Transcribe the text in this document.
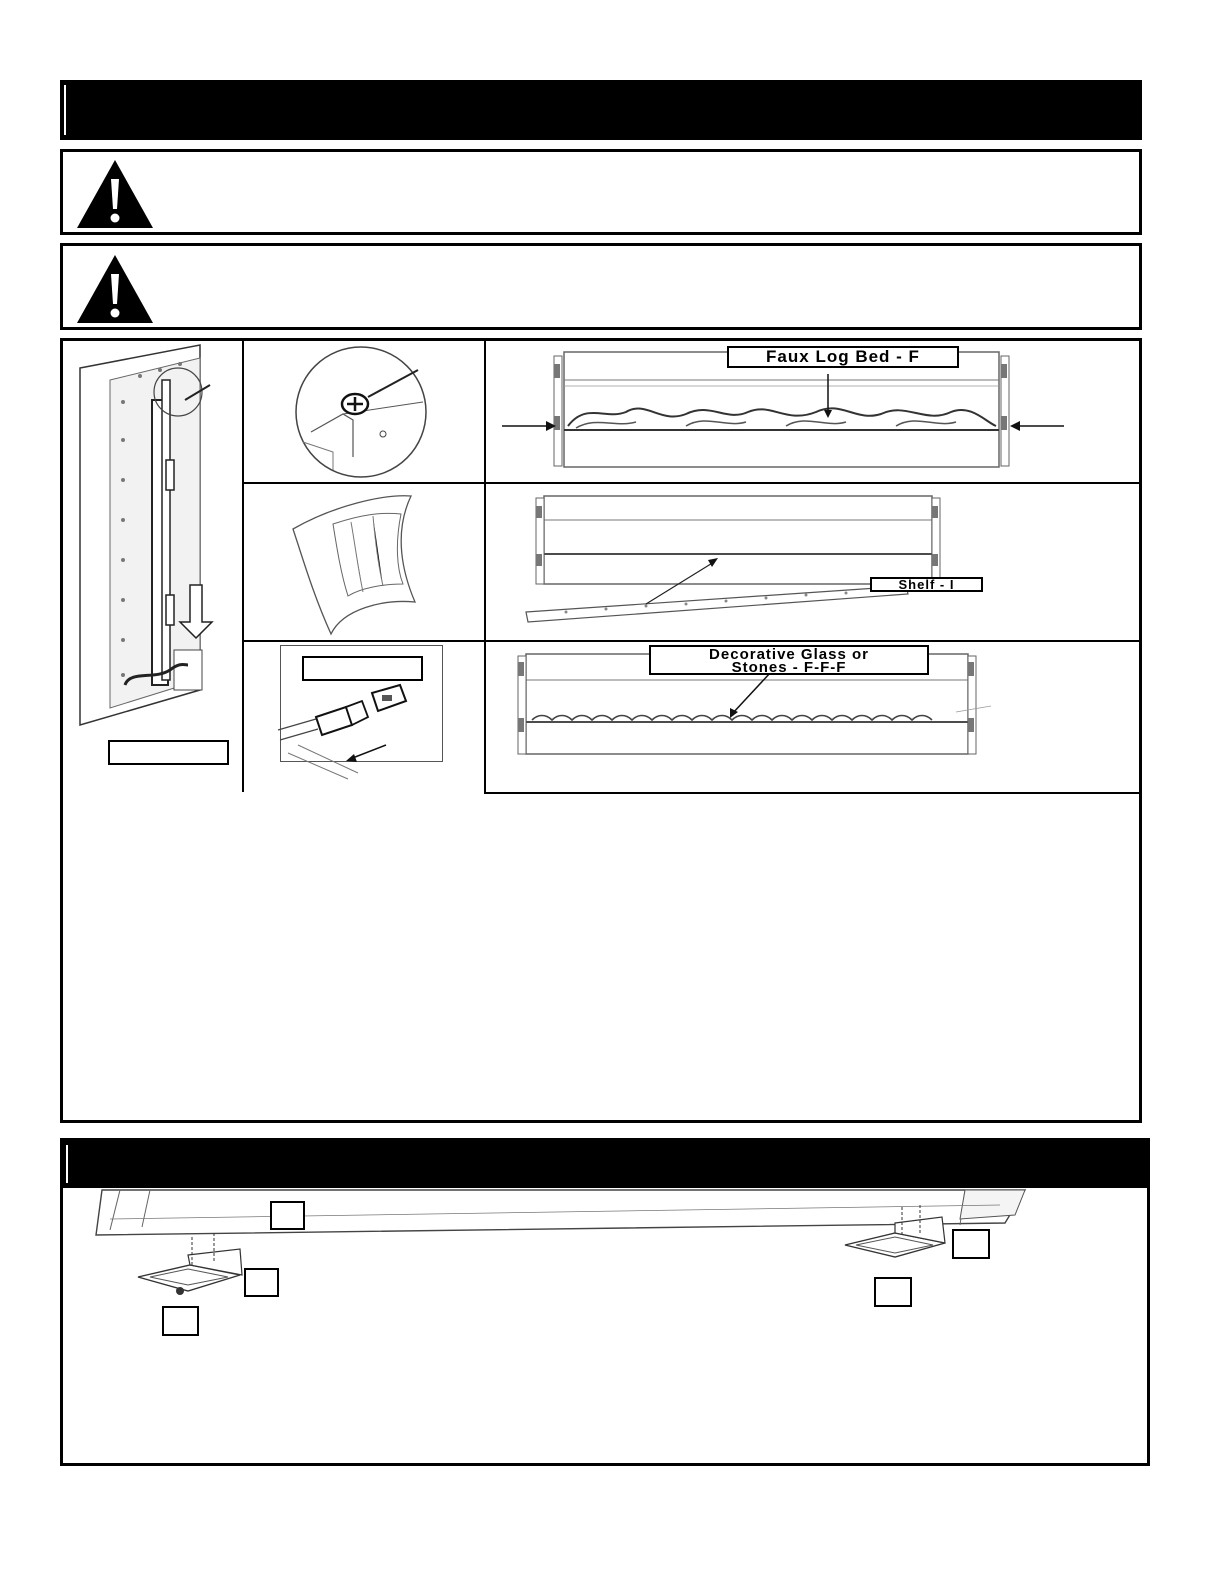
Faux Log Bed - F
Shelf - I
Decorative Glass or
Stones - F-F-F
